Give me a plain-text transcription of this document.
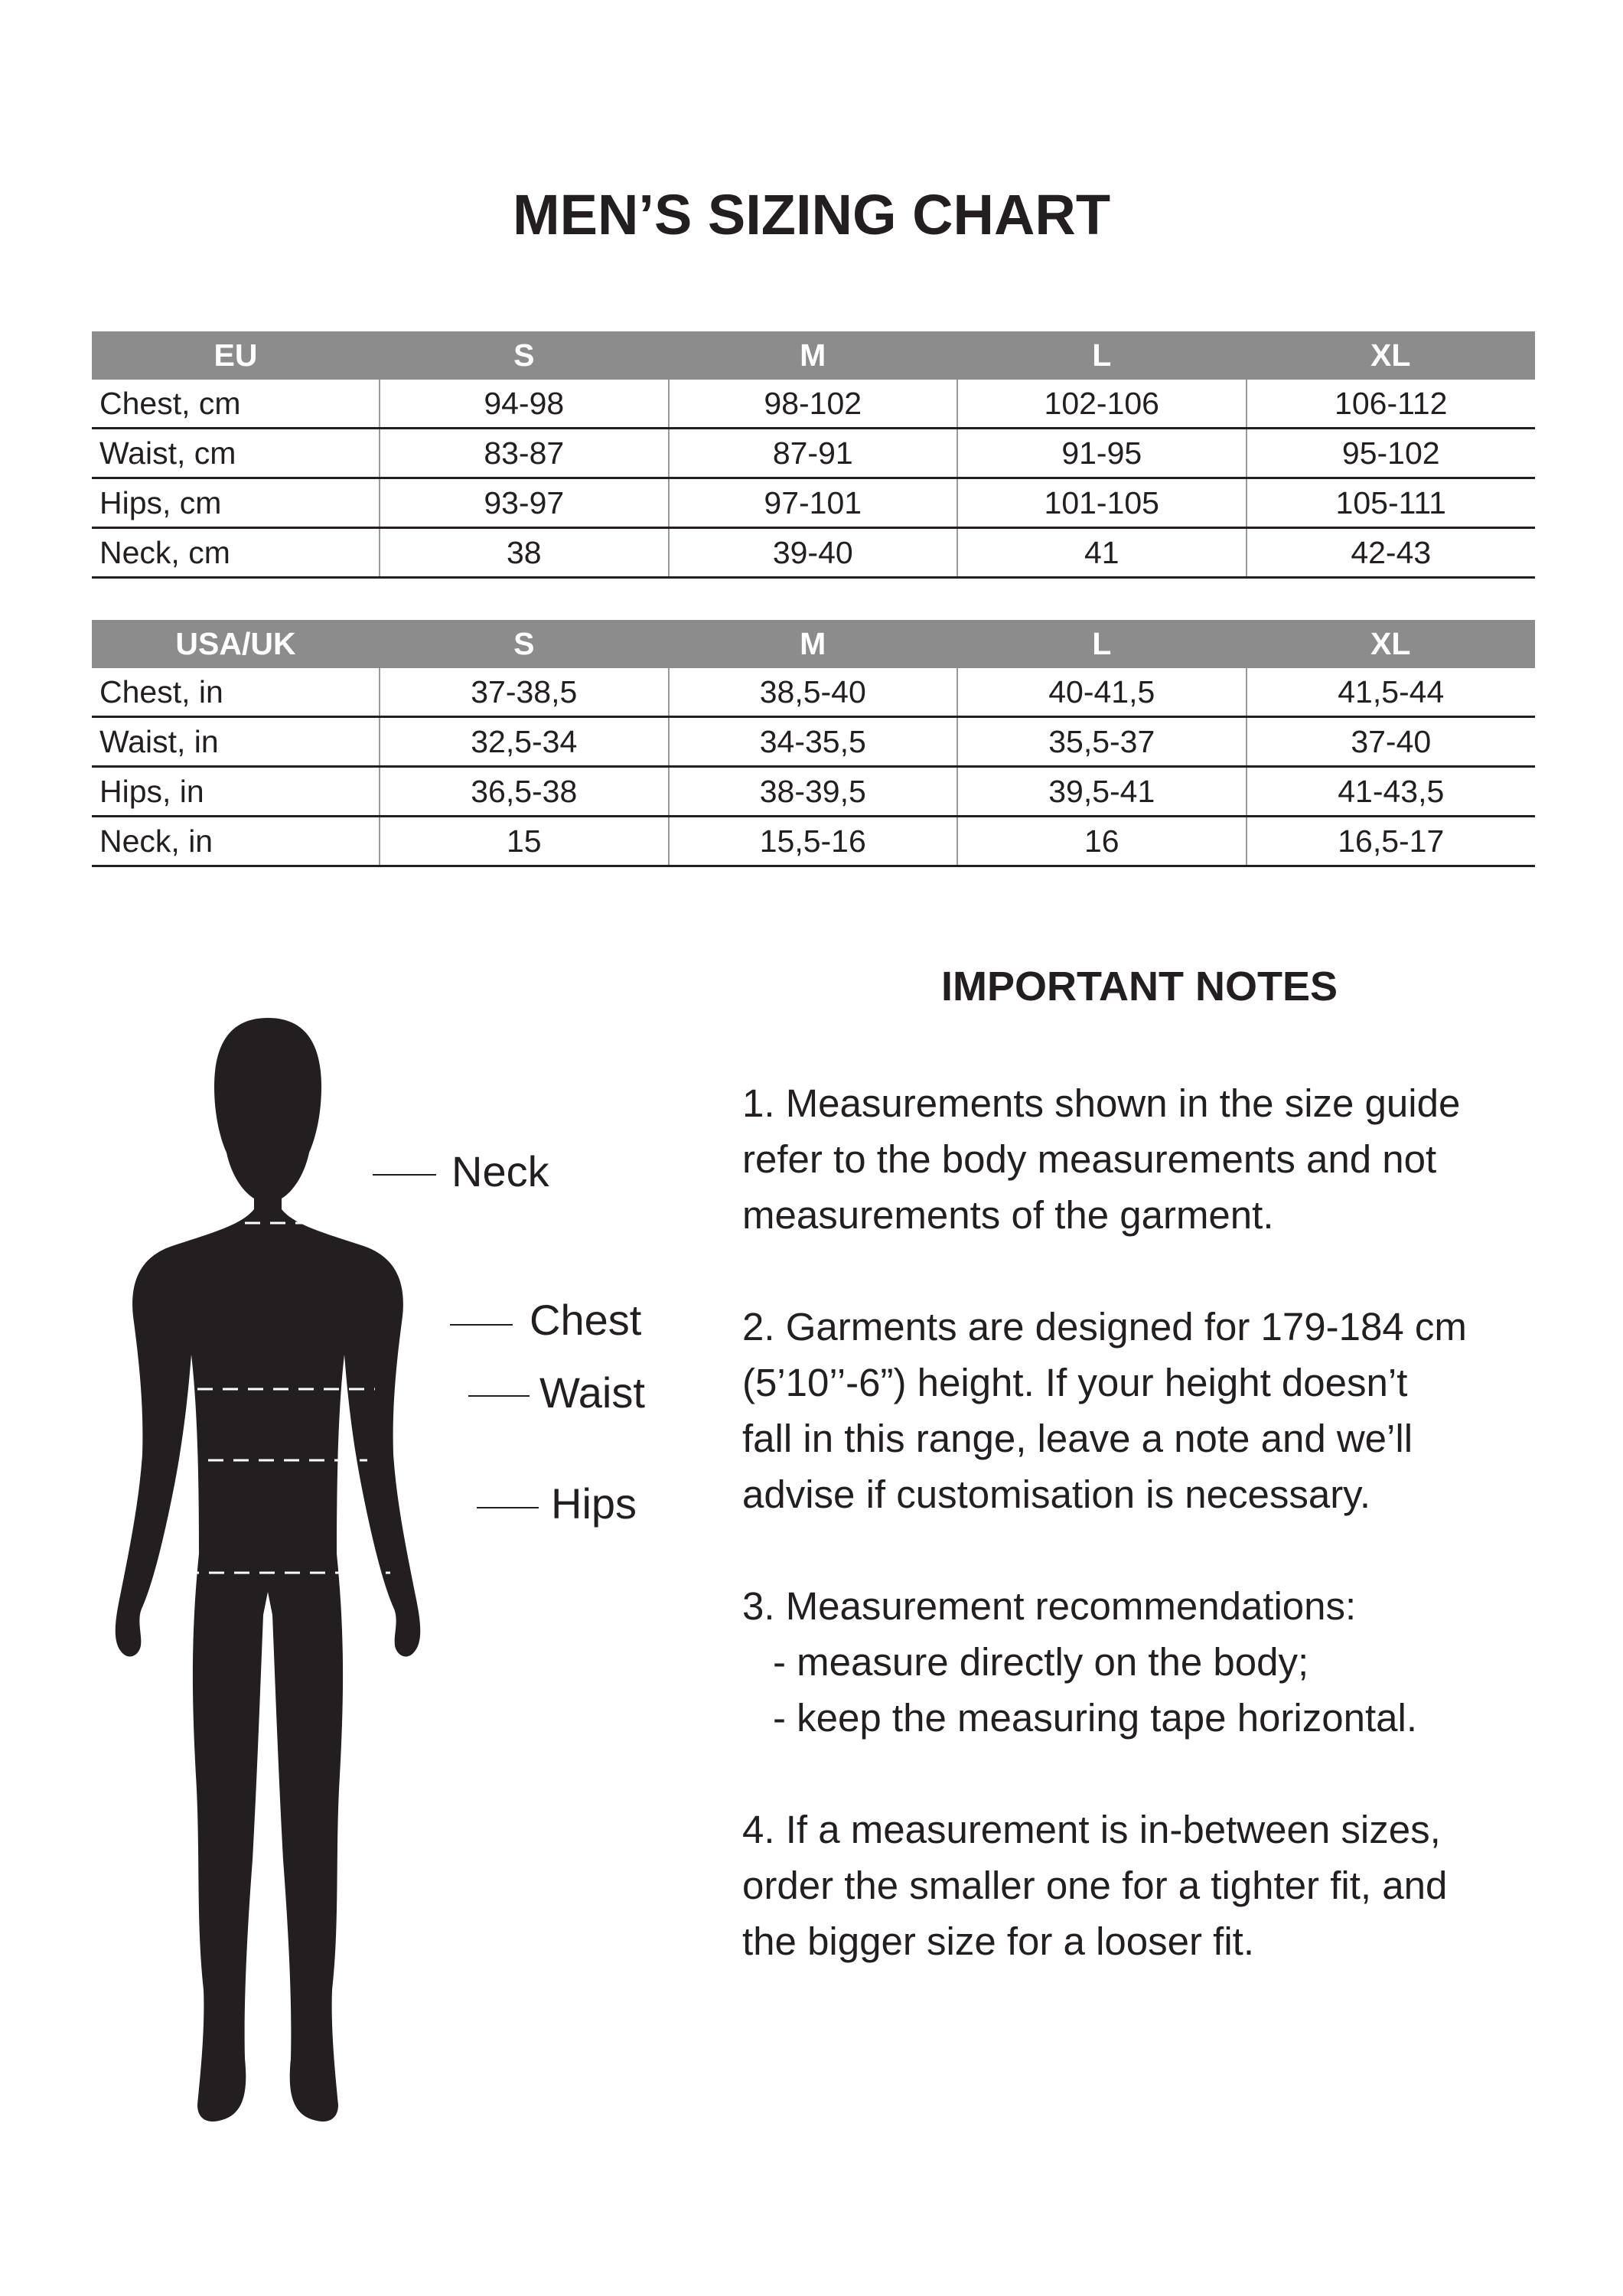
MEN’S SIZING CHART
EU	S	M	L	XL
Chest, cm	94-98	98-102	102-106	106-112
Waist, cm	83-87	87-91	91-95	95-102
Hips, cm	93-97	97-101	101-105	105-111
Neck, cm	38	39-40	41	42-43
USA/UK	S	M	L	XL
Chest, in	37-38,5	38,5-40	40-41,5	41,5-44
Waist, in	32,5-34	34-35,5	35,5-37	37-40
Hips, in	36,5-38	38-39,5	39,5-41	41-43,5
Neck, in	15	15,5-16	16	16,5-17
Neck
Chest
Waist
Hips
IMPORTANT NOTES
1. Measurements shown in the size guide
refer to the body measurements and not
measurements of the garment.
2. Garments are designed for 179-184 cm
(5’10’’-6”) height. If your height doesn’t
fall in this range, leave a note and we’ll
advise if customisation is necessary.
3. Measurement recommendations:
- measure directly on the body;
- keep the measuring tape horizontal.
4. If a measurement is in-between sizes,
order the smaller one for a tighter fit, and
the bigger size for a looser fit.
